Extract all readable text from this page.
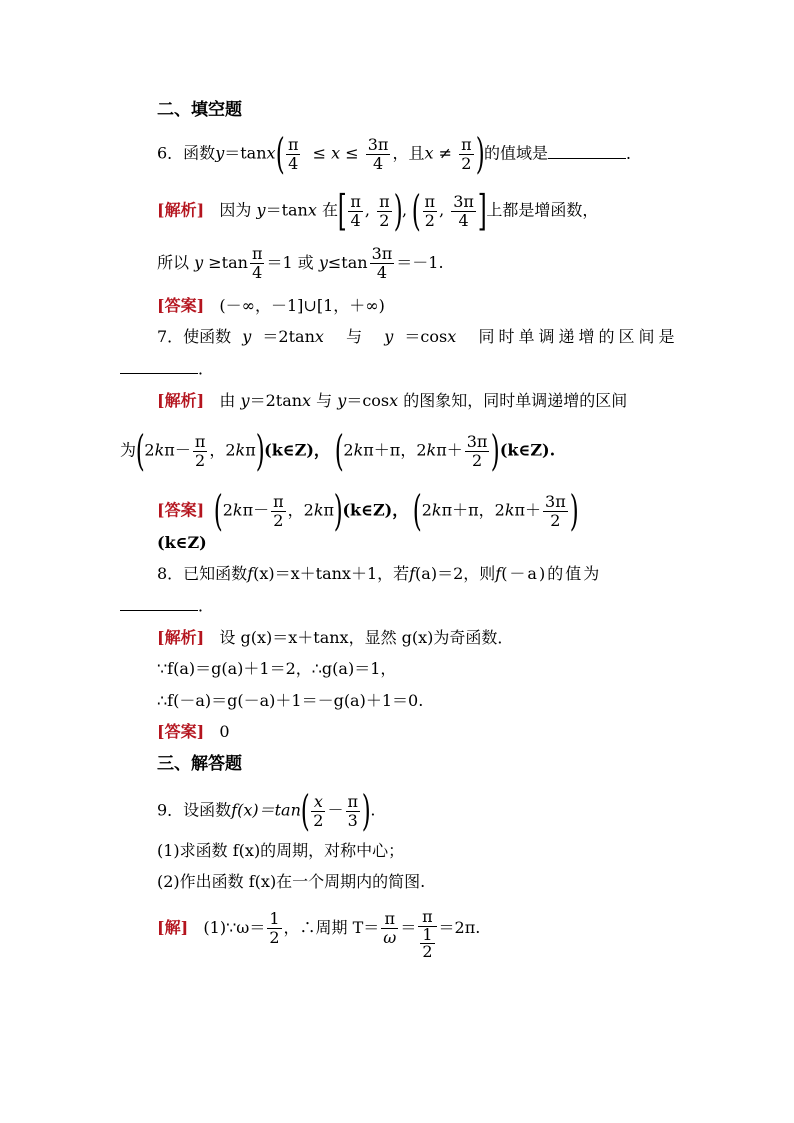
二、填空题
6．函数$y=\tan x( \frac{\pi}{4} \le x \le \frac{3\pi}{4}$ ，且$x \ne \frac{\pi}{2}$ )的值域是	．
[解析] 因为 y＝tanx 在[ $\frac{\pi}{4}$ , $\frac{\pi}{2}$ ), ( $\frac{\pi}{2}$ , $\frac{3\pi}{4}$ ]上都是增函数，
所以 $y \ge\tan \frac{\pi}{4} =1$ 或 $y\le\tan \frac{3\pi}{4} =-1$.
[答案] (－∞，－1]∪[1，＋∞)
7．使函数 y ＝2tanx 与 y ＝cosx 同时单调递增的区间是
．
[解析] 由 y＝2tanx 与 y＝cosx 的图象知，同时单调递增的区间
为($2k\pi- \frac{\pi}{2}$ ，2kπ)(k∈Z)， (2kπ＋π，$2k\pi+ \frac{3\pi}{2}$ )(k∈Z).
[答案] ($2k\pi- \frac{\pi}{2}$ ，2kπ)(k∈Z)， (2kπ＋π，$2k\pi+ \frac{3\pi}{2}$ )
(k∈Z)
8．已知函数f(x)＝x＋tanx＋1，若f(a)＝2，则f(－a)的值为
．
[解析] 设 g(x)＝x＋tanx，显然 g(x)为奇函数．
∵f(a)＝g(a)＋1＝2，∴g(a)＝1，
∴f(－a)＝g(－a)＋1＝－g(a)＋1＝0.
[答案] 0
三、解答题
9．设函数$f(x)=\tan( \frac{x}{2} - \frac{\pi}{3}$ ).
(1)求函数 f(x)的周期，对称中心；
(2)作出函数 f(x)在一个周期内的简图.
[解] (1)∵ω＝ $\frac{1}{2}$ ，∴周期 $T= \frac{\pi}{\omega}$ ＝
π
1
2
＝2π.
